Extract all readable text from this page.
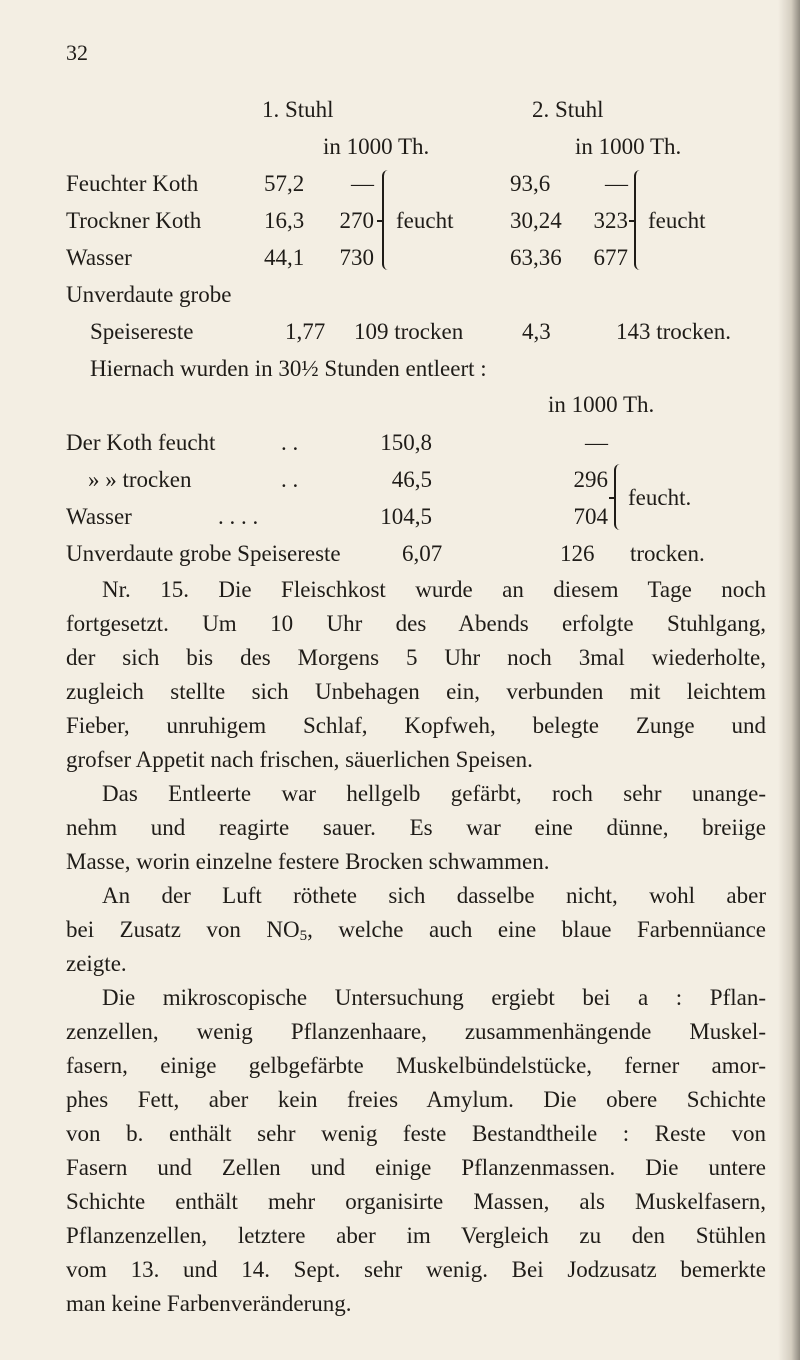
32
1. Stuhl	2. Stuhl
in 1000 Th.	in 1000 Th.
Feuchter Koth	57,2	—	93,6	—
Trockner Koth	16,3	270	30,24	323
Wasser	44,1	730	63,36	677
feucht	feucht
Unverdaute grobe
Speisereste	1,77 109 trocken	4,3	143 trocken.
Hiernach wurden in 30½ Stunden entleert :
in 1000 Th.
Der Koth feucht	. .	150,8	—
» » trocken	. .	46,5	296
Wasser	. . . .	104,5	704
feucht.
Unverdaute grobe Speisereste	6,07	126 trocken.
Nr. 15. Die Fleischkost wurde an diesem Tage noch
fortgesetzt. Um 10 Uhr des Abends erfolgte Stuhlgang,
der sich bis des Morgens 5 Uhr noch 3mal wiederholte,
zugleich stellte sich Unbehagen ein, verbunden mit leichtem
Fieber, unruhigem Schlaf, Kopfweh, belegte Zunge und
grofser Appetit nach frischen, säuerlichen Speisen.
Das Entleerte war hellgelb gefärbt, roch sehr unange-
nehm und reagirte sauer. Es war eine dünne, breiige
Masse, worin einzelne festere Brocken schwammen.
An der Luft röthete sich dasselbe nicht, wohl aber
bei Zusatz von $NO_5$, welche auch eine blaue Farbennüance
zeigte.
Die mikroscopische Untersuchung ergiebt bei a : Pflan-
zenzellen, wenig Pflanzenhaare, zusammenhängende Muskel-
fasern, einige gelbgefärbte Muskelbündelstücke, ferner amor-
phes Fett, aber kein freies Amylum. Die obere Schichte
von b. enthält sehr wenig feste Bestandtheile : Reste von
Fasern und Zellen und einige Pflanzenmassen. Die untere
Schichte enthält mehr organisirte Massen, als Muskelfasern,
Pflanzenzellen, letztere aber im Vergleich zu den Stühlen
vom 13. und 14. Sept. sehr wenig. Bei Jodzusatz bemerkte
man keine Farbenveränderung.
